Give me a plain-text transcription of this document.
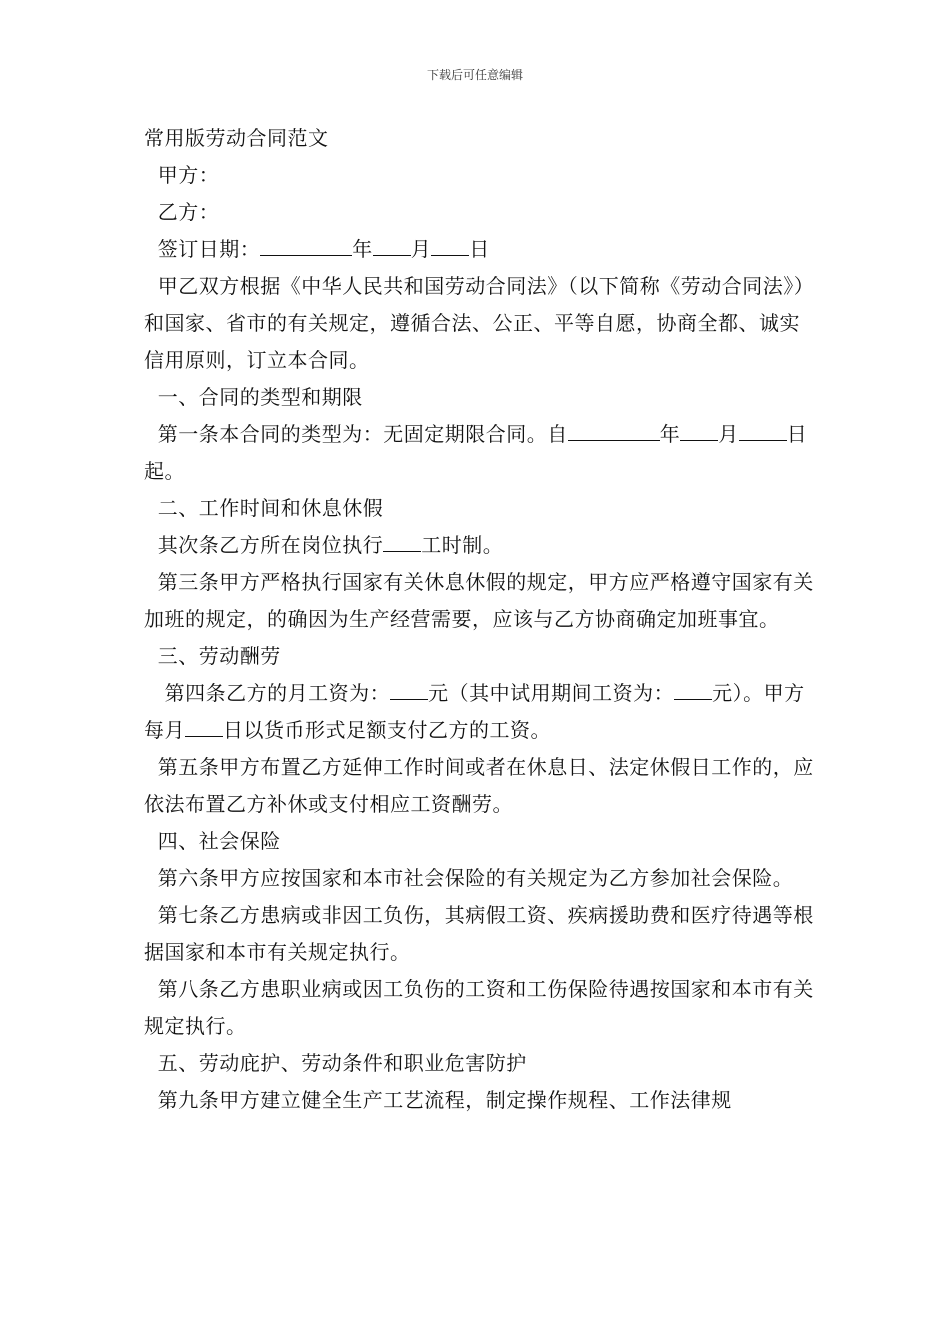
下载后可任意编辑

常用版劳动合同范文

甲方：

乙方：

签订日期：	年 月 日

甲乙双方根据《中华人民共和国劳动合同法》（以下简称《劳动合同法》）和国家、省市的有关规定，遵循合法、公正、平等自愿，协商全都、诚实信用原则，订立本合同。

一、合同的类型和期限

第一条本合同的类型为：无固定期限合同。自	年 月 日起。

二、工作时间和休息休假

其次条乙方所在岗位执行 工时制。

第三条甲方严格执行国家有关休息休假的规定，甲方应严格遵守国家有关加班的规定，的确因为生产经营需要，应该与乙方协商确定加班事宜。

三、劳动酬劳

第四条乙方的月工资为： 元（其中试用期间工资为： 元）。甲方每月 日以货币形式足额支付乙方的工资。

第五条甲方布置乙方延伸工作时间或者在休息日、法定休假日工作的，应依法布置乙方补休或支付相应工资酬劳。

四、社会保险

第六条甲方应按国家和本市社会保险的有关规定为乙方参加社会保险。

第七条乙方患病或非因工负伤，其病假工资、疾病援助费和医疗待遇等根据国家和本市有关规定执行。

第八条乙方患职业病或因工负伤的工资和工伤保险待遇按国家和本市有关规定执行。

五、劳动庇护、劳动条件和职业危害防护

第九条甲方建立健全生产工艺流程，制定操作规程、工作法律规
